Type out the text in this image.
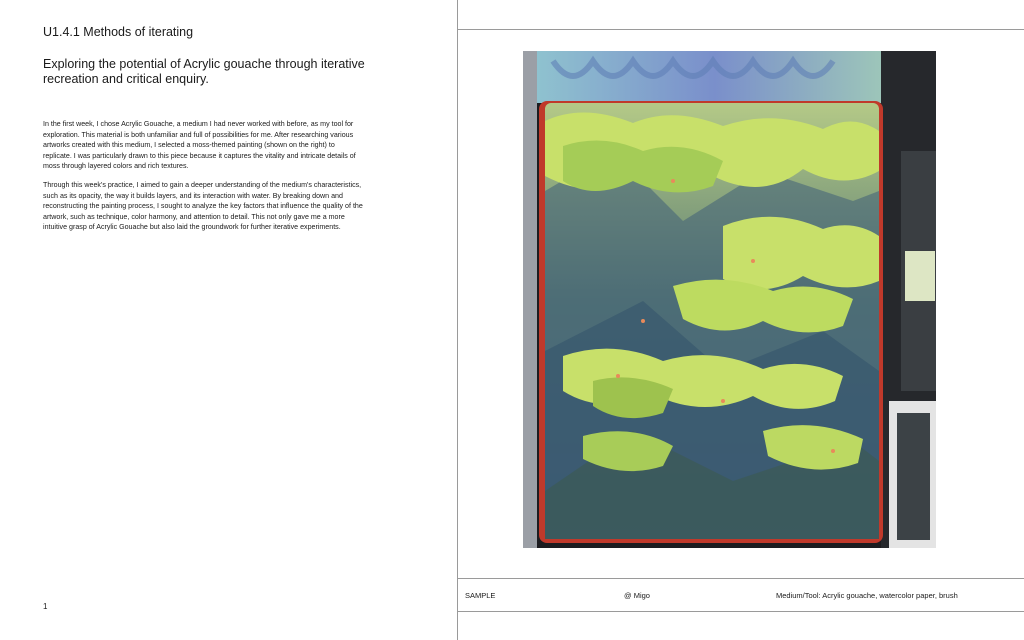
U1.4.1 Methods of iterating
Exploring the potential of Acrylic gouache through iterative recreation and critical enquiry.

In the first week, I chose Acrylic Gouache, a medium I had never worked with before, as my tool for exploration. This material is both unfamiliar and full of possibilities for me. After researching various artworks created with this medium, I selected a moss-themed painting (shown on the right) to replicate. I was particularly drawn to this piece because it captures the vitality and intricate details of moss through layered colors and rich textures.

Through this week's practice, I aimed to gain a deeper understanding of the medium's characteristics, such as its opacity, the way it builds layers, and its interaction with water. By breaking down and reconstructing the painting process, I sought to analyze the key factors that influence the quality of the artwork, such as technique, color harmony, and attention to detail. This not only gave me a more intuitive grasp of Acrylic Gouache but also laid the groundwork for further iterative experiments.

1
SAMPLE	@ Migo	Medium/Tool: Acrylic gouache, watercolor paper, brush
